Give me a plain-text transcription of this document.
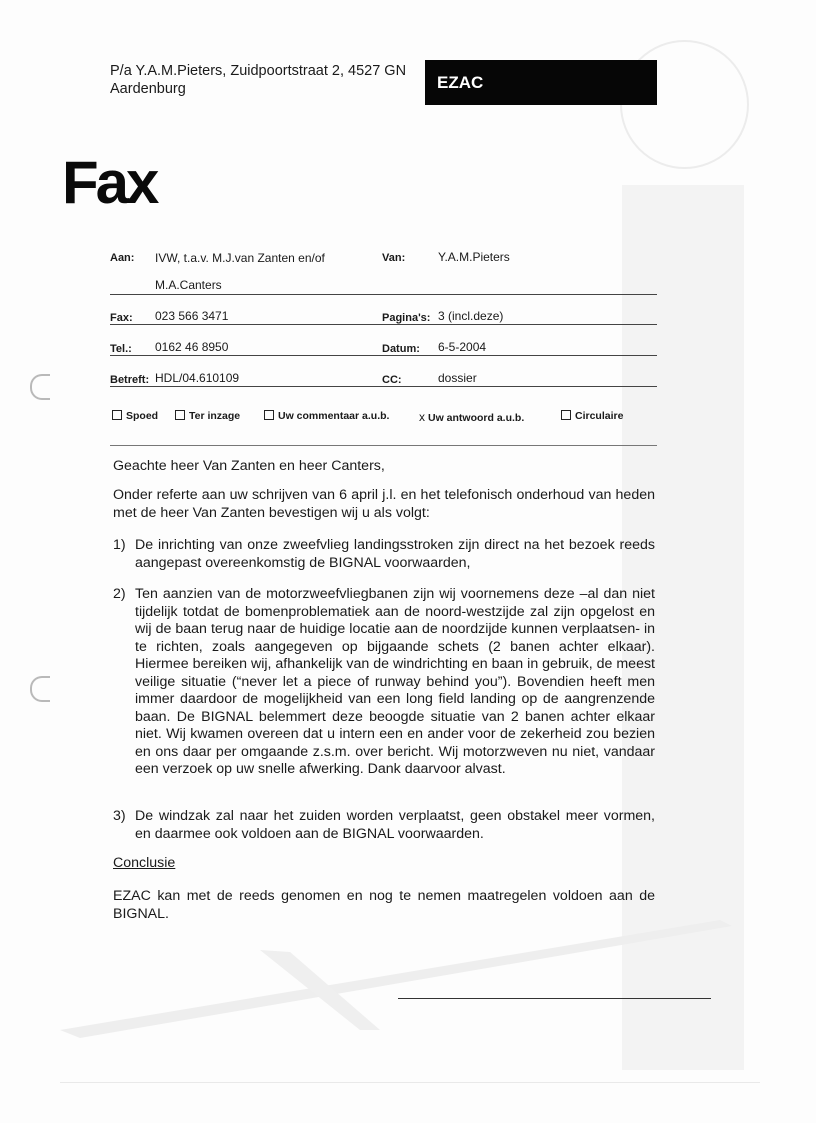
P/a Y.A.M.Pieters, Zuidpoortstraat 2, 4527 GN
Aardenburg	EZAC
Fax
Aan: IVW, t.a.v. M.J.van Zanten en/of	Van:	Y.A.M.Pieters
M.A.Canters
Fax: 023 566 3471	Pagina's: 3 (incl.deze)
Tel.: 0162 46 8950	Datum: 6-5-2004
Betreft: HDL/04.610109	CC:	dossier
Spoed	Ter inzage	Uw commentaar a.u.b. x Uw antwoord a.u.b.	Circulaire
Geachte heer Van Zanten en heer Canters,
Onder referte aan uw schrijven van 6 april j.l. en het telefonisch onderhoud van heden met de heer Van Zanten bevestigen wij u als volgt:
1) De inrichting van onze zweefvlieg landingsstroken zijn direct na het bezoek reeds aangepast overeenkomstig de BIGNAL voorwaarden,
2) Ten aanzien van de motorzweefvliegbanen zijn wij voornemens deze –al dan niet tijdelijk totdat de bomenproblematiek aan de noord-westzijde zal zijn opgelost en wij de baan terug naar de huidige locatie aan de noordzijde kunnen verplaatsen- in te richten, zoals aangegeven op bijgaande schets (2 banen achter elkaar). Hiermee bereiken wij, afhankelijk van de windrichting en baan in gebruik, de meest veilige situatie (“never let a piece of runway behind you”). Bovendien heeft men immer daardoor de mogelijkheid van een long field landing op de aangrenzende baan. De BIGNAL belemmert deze beoogde situatie van 2 banen achter elkaar niet. Wij kwamen overeen dat u intern een en ander voor de zekerheid zou bezien en ons daar per omgaande z.s.m. over bericht. Wij motorzweven nu niet, vandaar een verzoek op uw snelle afwerking. Dank daarvoor alvast.
3) De windzak zal naar het zuiden worden verplaatst, geen obstakel meer vormen, en daarmee ook voldoen aan de BIGNAL voorwaarden.
Conclusie
EZAC kan met de reeds genomen en nog te nemen maatregelen voldoen aan de BIGNAL.
